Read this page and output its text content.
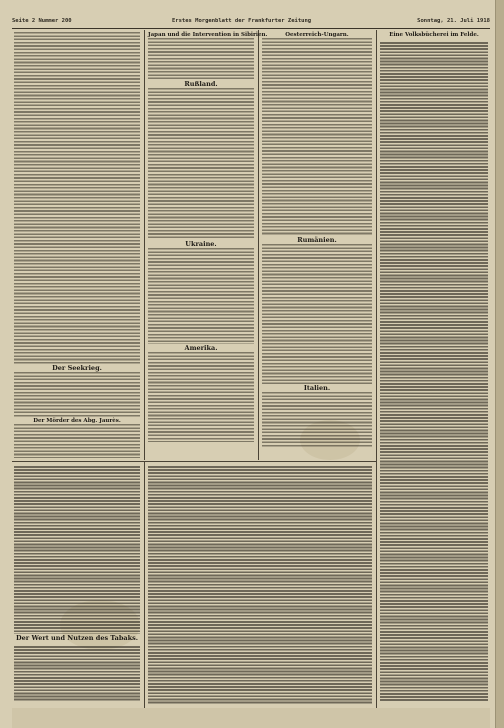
Seite 2 Nummer 200	Erstes Morgenblatt der Frankfurter Zeitung	Sonntag, 21. Juli 1918
Der Seekrieg.
Der Mörder des Abg. Jaurès.
Japan und die Intervention in Sibirien.
Rußland.
Ukraine.
Amerika.
Oesterreich-Ungarn.
Rumänien.
Italien.
Eine Volksbücherei im Felde.
Der Wert und Nutzen des Tabaks.
